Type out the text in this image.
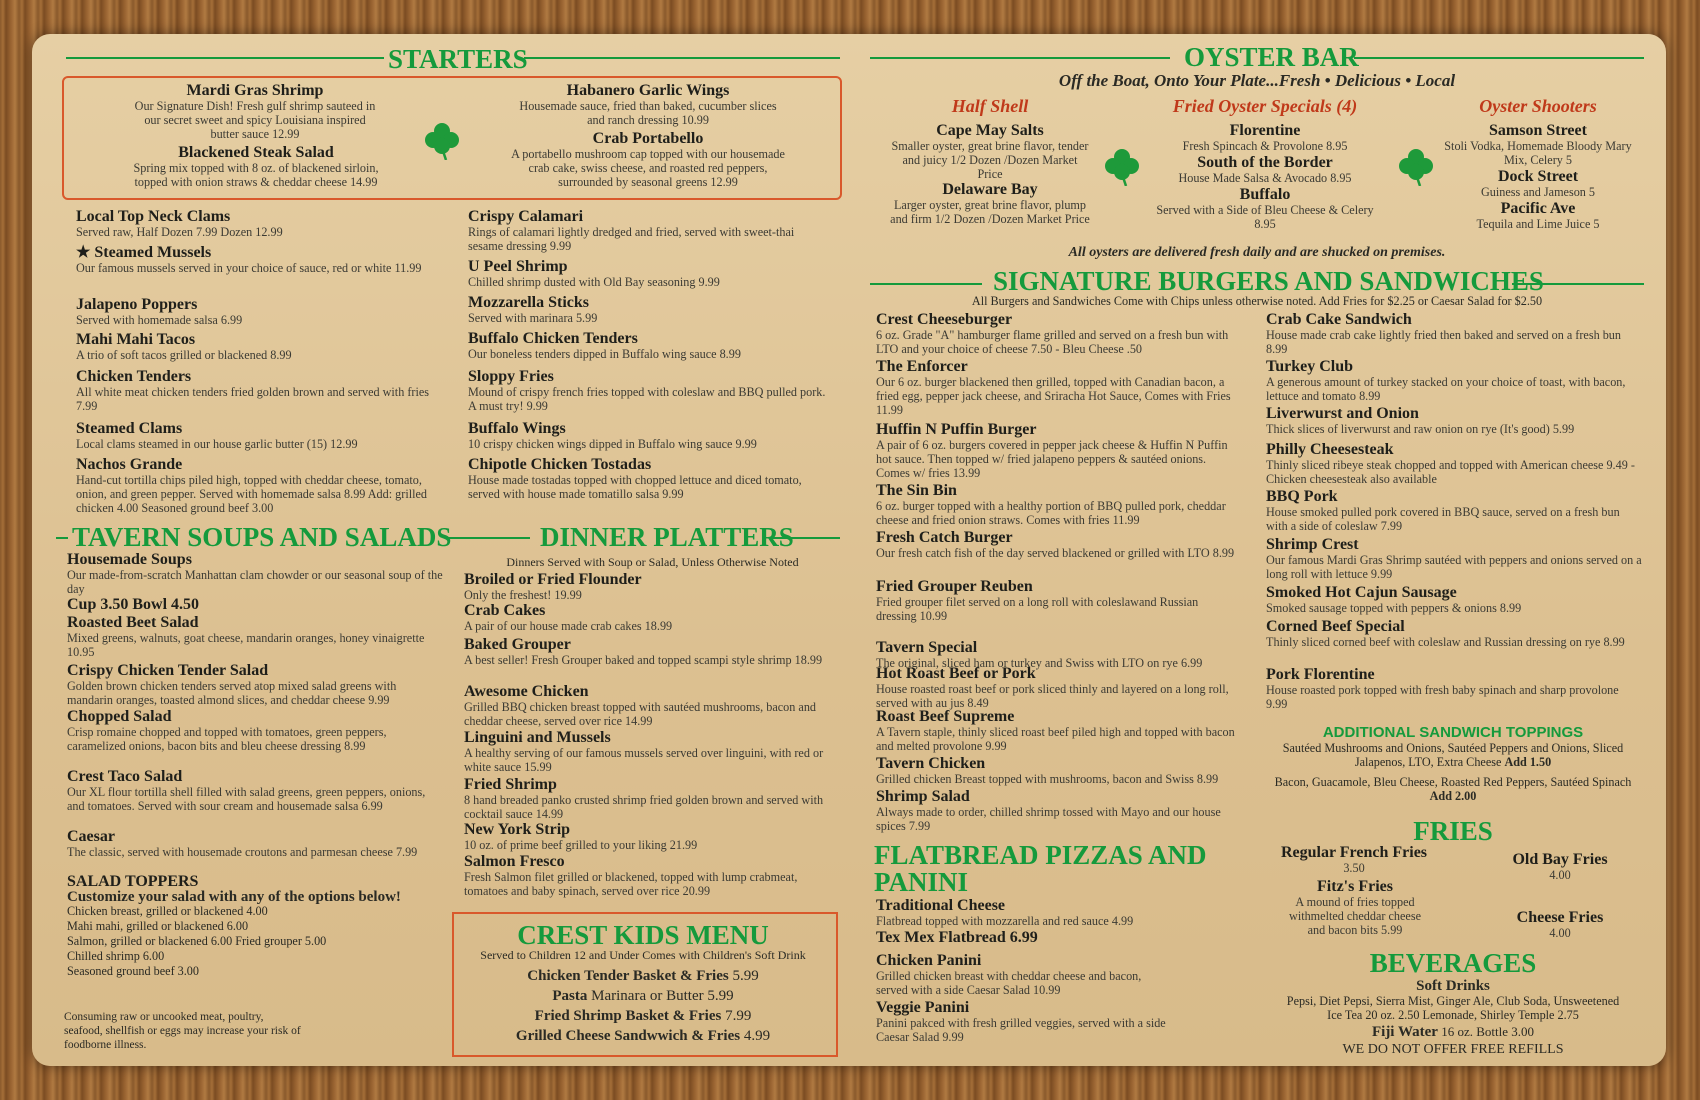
STARTERS
Mardi Gras Shrimp
Our Signature Dish! Fresh gulf shrimp sauteed in our secret sweet and spicy Louisiana inspired butter sauce 12.99
Blackened Steak Salad
Spring mix topped with 8 oz. of blackened sirloin, topped with onion straws & cheddar cheese 14.99
Habanero Garlic Wings
Housemade sauce, fried than baked, cucumber slices and ranch dressing 10.99
Crab Portabello
A portabello mushroom cap topped with our housemade crab cake, swiss cheese, and roasted red peppers, surrounded by seasonal greens 12.99
Local Top Neck Clams
Served raw, Half Dozen 7.99 Dozen 12.99
★ Steamed Mussels
Our famous mussels served in your choice of sauce, red or white 11.99
Jalapeno Poppers
Served with homemade salsa 6.99
Mahi Mahi Tacos
A trio of soft tacos grilled or blackened 8.99
Chicken Tenders
All white meat chicken tenders fried golden brown and served with fries 7.99
Steamed Clams
Local clams steamed in our house garlic butter (15) 12.99
Nachos Grande
Hand-cut tortilla chips piled high, topped with cheddar cheese, tomato, onion, and green pepper. Served with homemade salsa 8.99 Add: grilled chicken 4.00 Seasoned ground beef 3.00
Crispy Calamari
Rings of calamari lightly dredged and fried, served with sweet-thai sesame dressing 9.99
U Peel Shrimp
Chilled shrimp dusted with Old Bay seasoning 9.99
Mozzarella Sticks
Served with marinara 5.99
Buffalo Chicken Tenders
Our boneless tenders dipped in Buffalo wing sauce 8.99
Sloppy Fries
Mound of crispy french fries topped with coleslaw and BBQ pulled pork. A must try! 9.99
Buffalo Wings
10 crispy chicken wings dipped in Buffalo wing sauce 9.99
Chipotle Chicken Tostadas
House made tostadas topped with chopped lettuce and diced tomato, served with house made tomatillo salsa 9.99
TAVERN SOUPS AND SALADS
Housemade Soups
Our made-from-scratch Manhattan clam chowder or our seasonal soup of the day
Cup 3.50 Bowl 4.50
Roasted Beet Salad
Mixed greens, walnuts, goat cheese, mandarin oranges, honey vinaigrette 10.95
Crispy Chicken Tender Salad
Golden brown chicken tenders served atop mixed salad greens with mandarin oranges, toasted almond slices, and cheddar cheese 9.99
Chopped Salad
Crisp romaine chopped and topped with tomatoes, green peppers, caramelized onions, bacon bits and bleu cheese dressing 8.99
Crest Taco Salad
Our XL flour tortilla shell filled with salad greens, green peppers, onions, and tomatoes. Served with sour cream and housemade salsa 6.99
Caesar
The classic, served with housemade croutons and parmesan cheese 7.99
SALAD TOPPERS
Customize your salad with any of the options below!
Chicken breast, grilled or blackened 4.00
Mahi mahi, grilled or blackened 6.00
Salmon, grilled or blackened 6.00 Fried grouper 5.00
Chilled shrimp 6.00
Seasoned ground beef 3.00
Consuming raw or uncooked meat, poultry, seafood, shellfish or eggs may increase your risk of foodborne illness.
DINNER PLATTERS
Dinners Served with Soup or Salad, Unless Otherwise Noted
Broiled or Fried Flounder
Only the freshest! 19.99
Crab Cakes
A pair of our house made crab cakes 18.99
Baked Grouper
A best seller! Fresh Grouper baked and topped scampi style shrimp 18.99
Awesome Chicken
Grilled BBQ chicken breast topped with sautéed mushrooms, bacon and cheddar cheese, served over rice 14.99
Linguini and Mussels
A healthy serving of our famous mussels served over linguini, with red or white sauce 15.99
Fried Shrimp
8 hand breaded panko crusted shrimp fried golden brown and served with cocktail sauce 14.99
New York Strip
10 oz. of prime beef grilled to your liking 21.99
Salmon Fresco
Fresh Salmon filet grilled or blackened, topped with lump crabmeat, tomatoes and baby spinach, served over rice 20.99
CREST KIDS MENU
Served to Children 12 and Under Comes with Children's Soft Drink
Chicken Tender Basket & Fries 5.99
Pasta Marinara or Butter 5.99
Fried Shrimp Basket & Fries 7.99
Grilled Cheese Sandwwich & Fries 4.99
OYSTER BAR
Off the Boat, Onto Your Plate...Fresh • Delicious • Local
Half Shell	Fried Oyster Specials (4)	Oyster Shooters
Cape May Salts
Smaller oyster, great brine flavor, tender and juicy 1/2 Dozen /Dozen Market Price
Delaware Bay
Larger oyster, great brine flavor, plump and firm 1/2 Dozen /Dozen Market Price
Florentine
Fresh Spincach & Provolone 8.95
South of the Border
House Made Salsa & Avocado 8.95
Buffalo
Served with a Side of Bleu Cheese & Celery 8.95
Samson Street
Stoli Vodka, Homemade Bloody Mary Mix, Celery 5
Dock Street
Guiness and Jameson 5
Pacific Ave
Tequila and Lime Juice 5
All oysters are delivered fresh daily and are shucked on premises.
SIGNATURE BURGERS AND SANDWICHES
All Burgers and Sandwiches Come with Chips unless otherwise noted. Add Fries for $2.25 or Caesar Salad for $2.50
Crest Cheeseburger
6 oz. Grade "A" hamburger flame grilled and served on a fresh bun with LTO and your choice of cheese 7.50 - Bleu Cheese .50
The Enforcer
Our 6 oz. burger blackened then grilled, topped with Canadian bacon, a fried egg, pepper jack cheese, and Sriracha Hot Sauce, Comes with Fries 11.99
Huffin N Puffin Burger
A pair of 6 oz. burgers covered in pepper jack cheese & Huffin N Puffin hot sauce. Then topped w/ fried jalapeno peppers & sautéed onions. Comes w/ fries 13.99
The Sin Bin
6 oz. burger topped with a healthy portion of BBQ pulled pork, cheddar cheese and fried onion straws. Comes with fries 11.99
Fresh Catch Burger
Our fresh catch fish of the day served blackened or grilled with LTO 8.99
Fried Grouper Reuben
Fried grouper filet served on a long roll with coleslawand Russian dressing 10.99
Tavern Special
The original, sliced ham or turkey and Swiss with LTO on rye 6.99
Hot Roast Beef or Pork
House roasted roast beef or pork sliced thinly and layered on a long roll, served with au jus 8.49
Roast Beef Supreme
A Tavern staple, thinly sliced roast beef piled high and topped with bacon and melted provolone 9.99
Tavern Chicken
Grilled chicken Breast topped with mushrooms, bacon and Swiss 8.99
Shrimp Salad
Always made to order, chilled shrimp tossed with Mayo and our house spices 7.99
Crab Cake Sandwich
House made crab cake lightly fried then baked and served on a fresh bun 8.99
Turkey Club
A generous amount of turkey stacked on your choice of toast, with bacon, lettuce and tomato 8.99
Liverwurst and Onion
Thick slices of liverwurst and raw onion on rye (It's good) 5.99
Philly Cheesesteak
Thinly sliced ribeye steak chopped and topped with American cheese 9.49 - Chicken cheesesteak also available
BBQ Pork
House smoked pulled pork covered in BBQ sauce, served on a fresh bun with a side of coleslaw 7.99
Shrimp Crest
Our famous Mardi Gras Shrimp sautéed with peppers and onions served on a long roll with lettuce 9.99
Smoked Hot Cajun Sausage
Smoked sausage topped with peppers & onions 8.99
Corned Beef Special
Thinly sliced corned beef with coleslaw and Russian dressing on rye 8.99
Pork Florentine
House roasted pork topped with fresh baby spinach and sharp provolone 9.99
ADDITIONAL SANDWICH TOPPINGS
Sautéed Mushrooms and Onions, Sautéed Peppers and Onions, Sliced Jalapenos, LTO, Extra Cheese Add 1.50
Bacon, Guacamole, Bleu Cheese, Roasted Red Peppers, Sautéed Spinach
Add 2.00
FLATBREAD PIZZAS AND PANINI
Traditional Cheese
Flatbread topped with mozzarella and red sauce 4.99
Tex Mex Flatbread 6.99
Chicken Panini
Grilled chicken breast with cheddar cheese and bacon, served with a side Caesar Salad 10.99
Veggie Panini
Panini pakced with fresh grilled veggies, served with a side Caesar Salad 9.99
FRIES
Regular French Fries
3.50	Old Bay Fries
4.00
Fitz's Fries
A mound of fries topped withmelted cheddar cheese and bacon bits 5.99
Cheese Fries
4.00
BEVERAGES
Soft Drinks
Pepsi, Diet Pepsi, Sierra Mist, Ginger Ale, Club Soda, Unsweetened Ice Tea 20 oz. 2.50 Lemonade, Shirley Temple 2.75
Fiji Water 16 oz. Bottle 3.00
WE DO NOT OFFER FREE REFILLS
